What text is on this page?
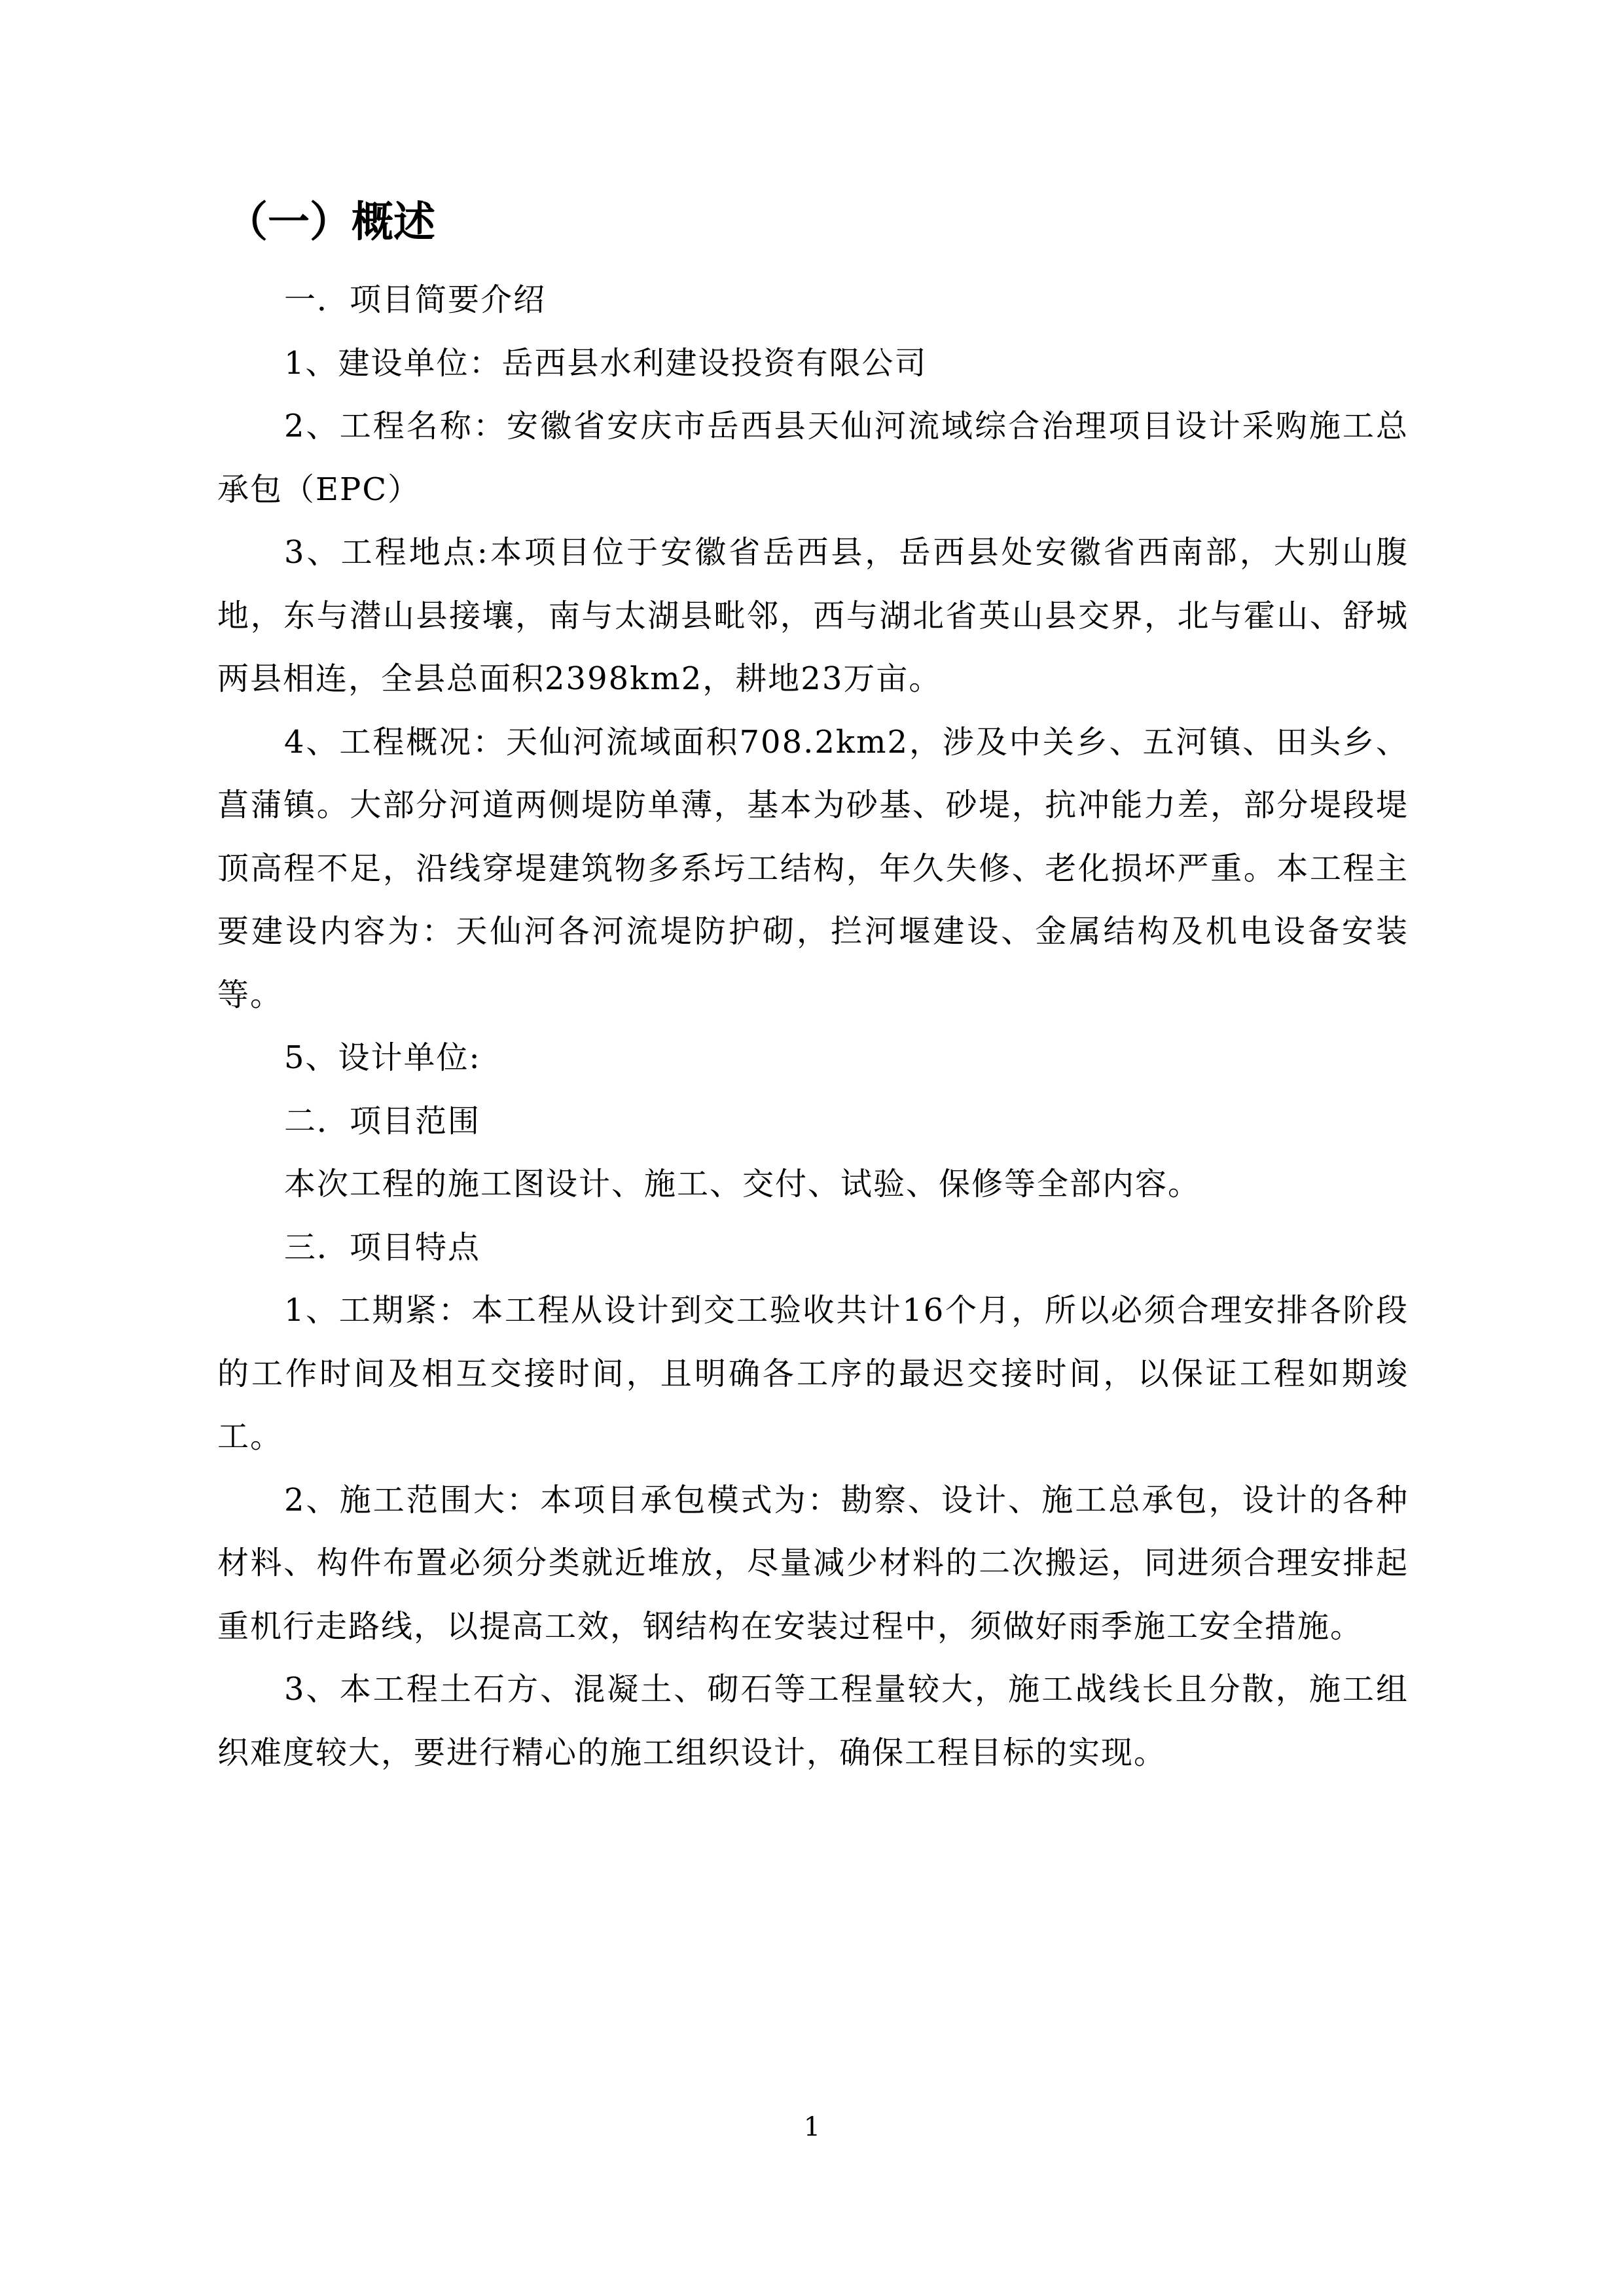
（一）概述

一．项目简要介绍

1、建设单位：岳西县水利建设投资有限公司

2、工程名称：安徽省安庆市岳西县天仙河流域综合治理项目设计采购施工总承包（EPC）

3、工程地点:本项目位于安徽省岳西县，岳西县处安徽省西南部，大别山腹地，东与潜山县接壤，南与太湖县毗邻，西与湖北省英山县交界，北与霍山、舒城两县相连，全县总面积2398km2，耕地23万亩。

4、工程概况：天仙河流域面积708.2km2，涉及中关乡、五河镇、田头乡、菖蒲镇。大部分河道两侧堤防单薄，基本为砂基、砂堤，抗冲能力差，部分堤段堤顶高程不足，沿线穿堤建筑物多系圬工结构，年久失修、老化损坏严重。本工程主要建设内容为：天仙河各河流堤防护砌，拦河堰建设、金属结构及机电设备安装等。

5、设计单位:

二．项目范围

本次工程的施工图设计、施工、交付、试验、保修等全部内容。

三．项目特点

1、工期紧：本工程从设计到交工验收共计16个月，所以必须合理安排各阶段的工作时间及相互交接时间，且明确各工序的最迟交接时间，以保证工程如期竣工。

2、施工范围大：本项目承包模式为：勘察、设计、施工总承包，设计的各种材料、构件布置必须分类就近堆放，尽量减少材料的二次搬运，同进须合理安排起重机行走路线，以提高工效，钢结构在安装过程中，须做好雨季施工安全措施。

3、本工程土石方、混凝土、砌石等工程量较大，施工战线长且分散，施工组织难度较大，要进行精心的施工组织设计，确保工程目标的实现。

1
